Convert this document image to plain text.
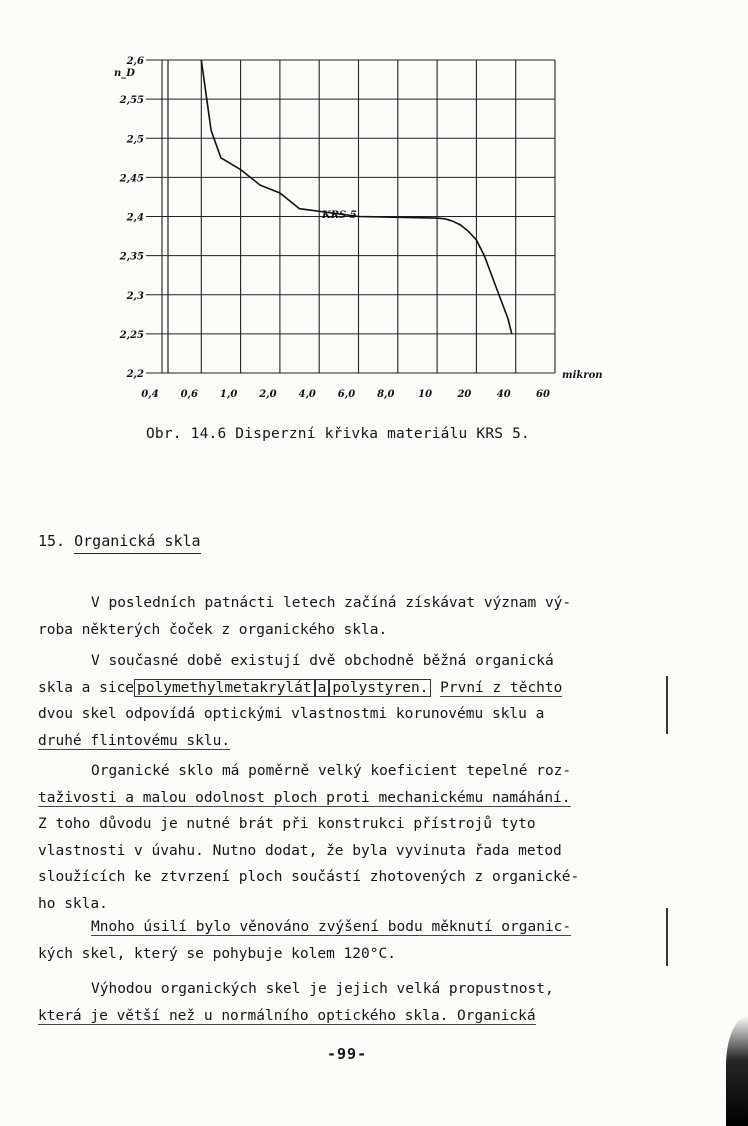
2,6
2,55
2,5
2,45
2,4
2,35
2,3
2,25
2,2
0,4 0,6 1,0 2,0 4,0 6,0 8,0 10	20	40	60
n_D
mikron
KRS 5
Obr. 14.6 Disperzní křivka materiálu KRS 5.
15. Organická skla
V posledních patnácti letech začíná získávat význam vý-
roba některých čoček z organického skla.
V současné době existují dvě obchodně běžná organická
skla a sice polymethylmetakrylát a polystyren. První z těchto
dvou skel odpovídá optickými vlastnostmi korunovému sklu a
druhé flintovému sklu.
Organické sklo má poměrně velký koeficient tepelné roz-
taživosti a malou odolnost ploch proti mechanickému namáhání.
Z toho důvodu je nutné brát při konstrukci přístrojů tyto
vlastnosti v úvahu. Nutno dodat, že byla vyvinuta řada metod
sloužících ke ztvrzení ploch součástí zhotovených z organické-
ho skla.
Mnoho úsilí bylo věnováno zvýšení bodu měknutí organic-
kých skel, který se pohybuje kolem 120°C.
Výhodou organických skel je jejich velká propustnost,
která je větší než u normálního optického skla. Organická
-99-
